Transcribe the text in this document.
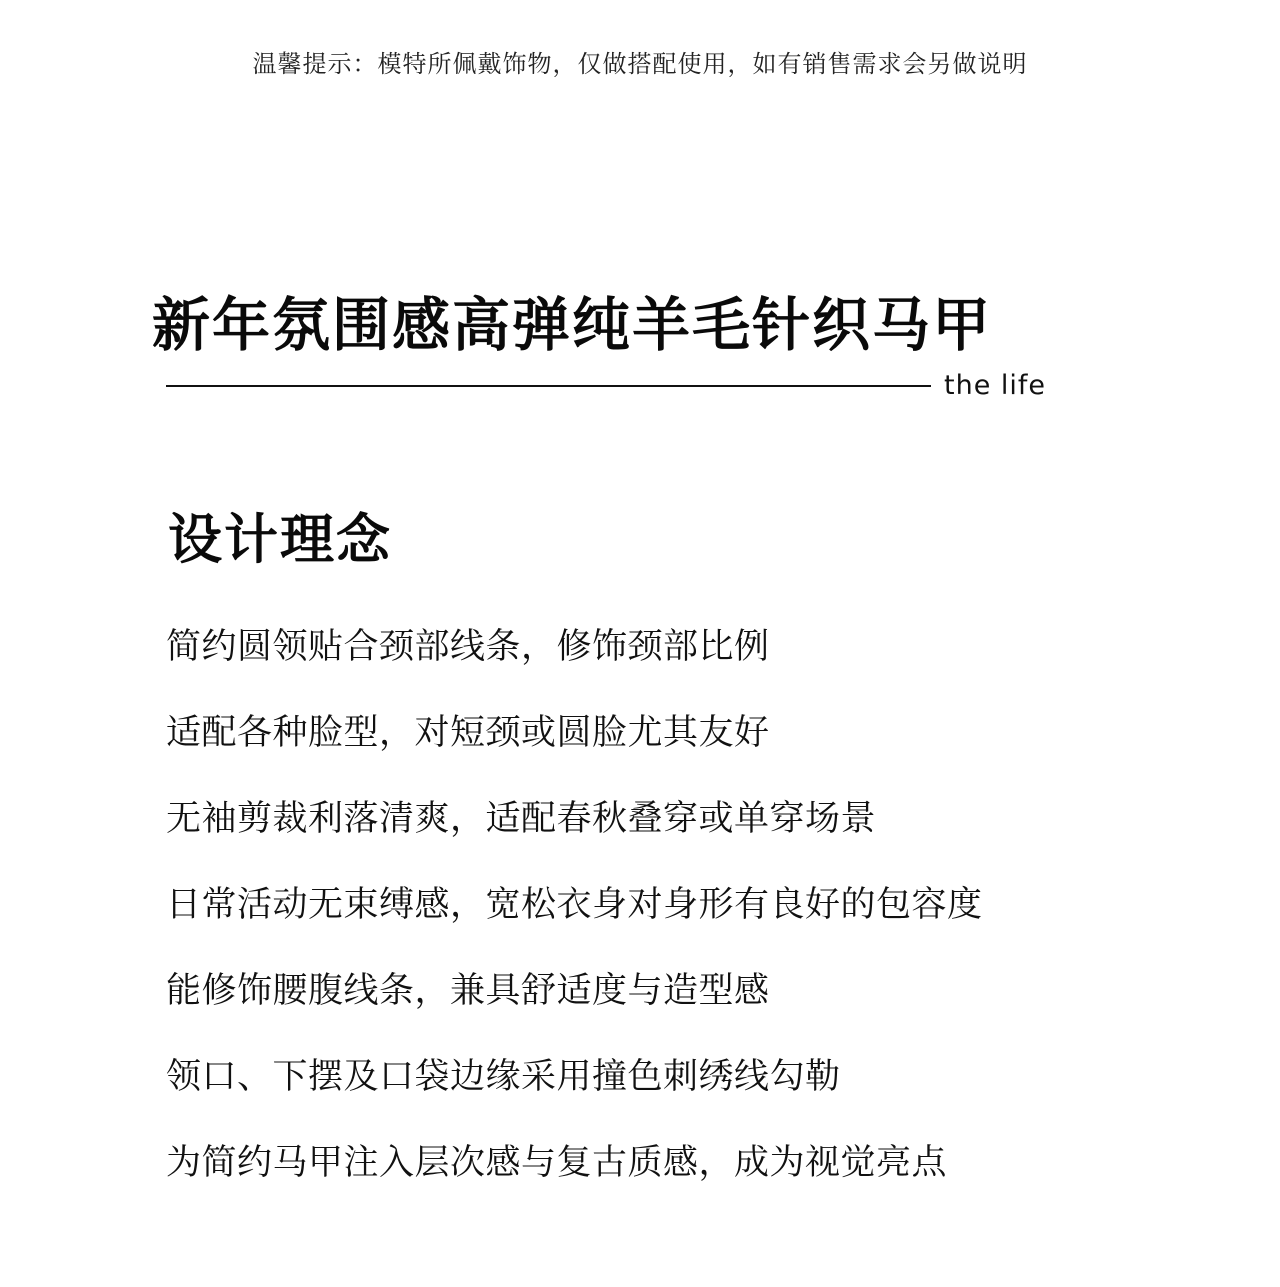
温馨提示：模特所佩戴饰物，仅做搭配使用，如有销售需求会另做说明
新年氛围感高弹纯羊毛针织马甲
the life
设计理念
简约圆领贴合颈部线条，修饰颈部比例
适配各种脸型，对短颈或圆脸尤其友好
无袖剪裁利落清爽，适配春秋叠穿或单穿场景
日常活动无束缚感，宽松衣身对身形有良好的包容度
能修饰腰腹线条，兼具舒适度与造型感
领口、下摆及口袋边缘采用撞色刺绣线勾勒
为简约马甲注入层次感与复古质感，成为视觉亮点
